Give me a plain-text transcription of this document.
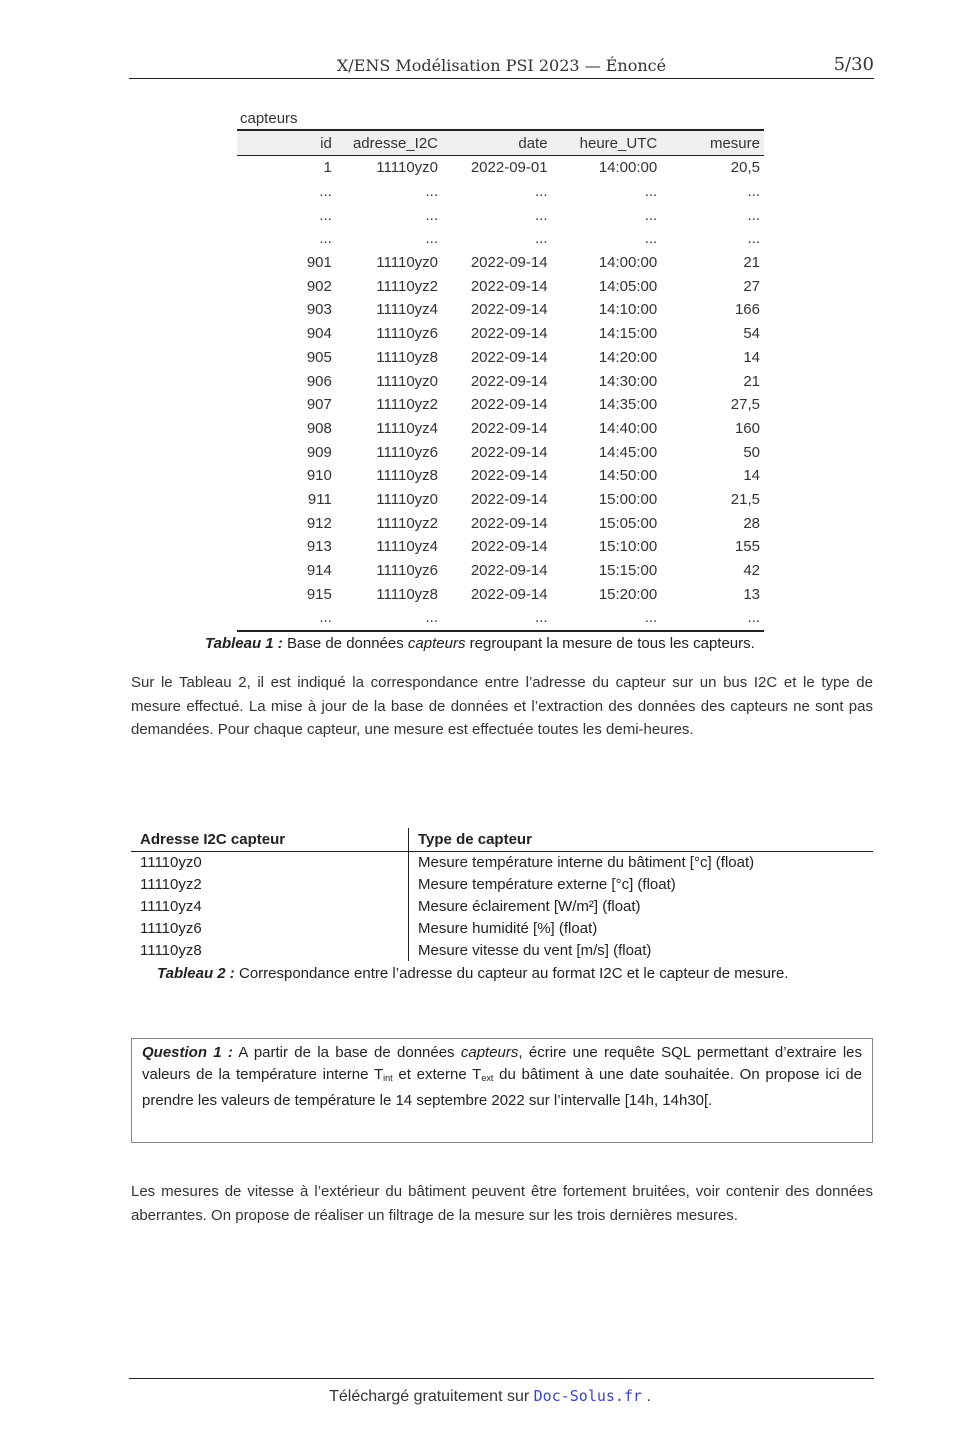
X/ENS Modélisation PSI 2023 — Énoncé	5/30
capteurs
id	adresse_I2C	date	heure_UTC	mesure
1	11110yz0	2022-09-01	14:00:00	20,5
...	...	...	...	...
...	...	...	...	...
...	...	...	...	...
901	11110yz0	2022-09-14	14:00:00	21
902	11110yz2	2022-09-14	14:05:00	27
903	11110yz4	2022-09-14	14:10:00	166
904	11110yz6	2022-09-14	14:15:00	54
905	11110yz8	2022-09-14	14:20:00	14
906	11110yz0	2022-09-14	14:30:00	21
907	11110yz2	2022-09-14	14:35:00	27,5
908	11110yz4	2022-09-14	14:40:00	160
909	11110yz6	2022-09-14	14:45:00	50
910	11110yz8	2022-09-14	14:50:00	14
911	11110yz0	2022-09-14	15:00:00	21,5
912	11110yz2	2022-09-14	15:05:00	28
913	11110yz4	2022-09-14	15:10:00	155
914	11110yz6	2022-09-14	15:15:00	42
915	11110yz8	2022-09-14	15:20:00	13
...	...	...	...	...
Tableau 1 : Base de données capteurs regroupant la mesure de tous les capteurs.
Sur le Tableau 2, il est indiqué la correspondance entre l’adresse du capteur sur un bus I2C et le type de mesure effectué. La mise à jour de la base de données et l’extraction des données des capteurs ne sont pas demandées. Pour chaque capteur, une mesure est effectuée toutes les demi-heures.
Adresse I2C capteur	Type de capteur
11110yz0	Mesure température interne du bâtiment [°c] (float)
11110yz2	Mesure température externe [°c] (float)
11110yz4	Mesure éclairement [W/m²] (float)
11110yz6	Mesure humidité [%] (float)
11110yz8	Mesure vitesse du vent [m/s] (float)
Tableau 2 : Correspondance entre l’adresse du capteur au format I2C et le capteur de mesure.
Question 1 : A partir de la base de données capteurs, écrire une requête SQL permettant d’extraire les valeurs de la température interne $T_{int}$ et externe $T_{ext}$ du bâtiment à une date souhaitée. On propose ici de prendre les valeurs de température le 14 septembre 2022 sur l’intervalle [14h, 14h30[.
Les mesures de vitesse à l’extérieur du bâtiment peuvent être fortement bruitées, voir contenir des données aberrantes. On propose de réaliser un filtrage de la mesure sur les trois dernières mesures.
Téléchargé gratuitement sur Doc-Solus.fr .
